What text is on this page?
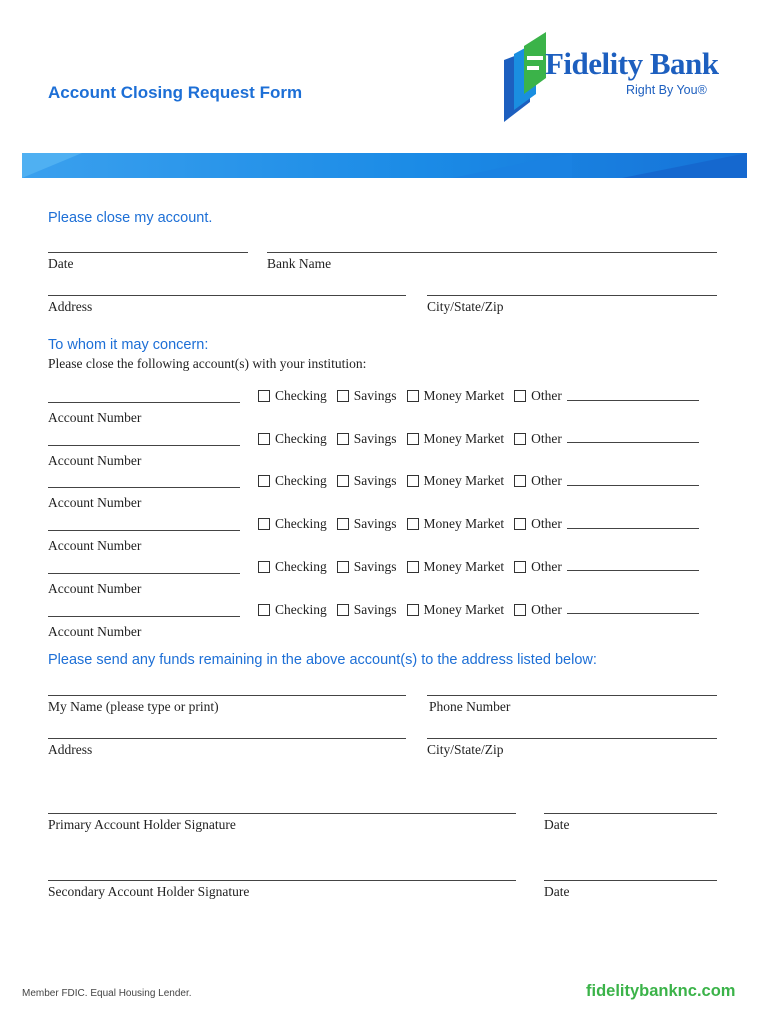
Account Closing Request Form
Fidelity Bank
Right By You®
Please close my account.
Date	Bank Name
Address	City/State/Zip
To whom it may concern:
Please close the following account(s) with your institution:
Account Number
Checking Savings Money Market Other
Account Number
Checking Savings Money Market Other
Account Number
Checking Savings Money Market Other
Account Number
Checking Savings Money Market Other
Account Number
Checking Savings Money Market Other
Account Number
Checking Savings Money Market Other
Please send any funds remaining in the above account(s) to the address listed below:
My Name (please type or print)	Phone Number
Address	City/State/Zip
Primary Account Holder Signature	Date
Secondary Account Holder Signature	Date
Member FDIC. Equal Housing Lender.	fidelitybanknc.com
